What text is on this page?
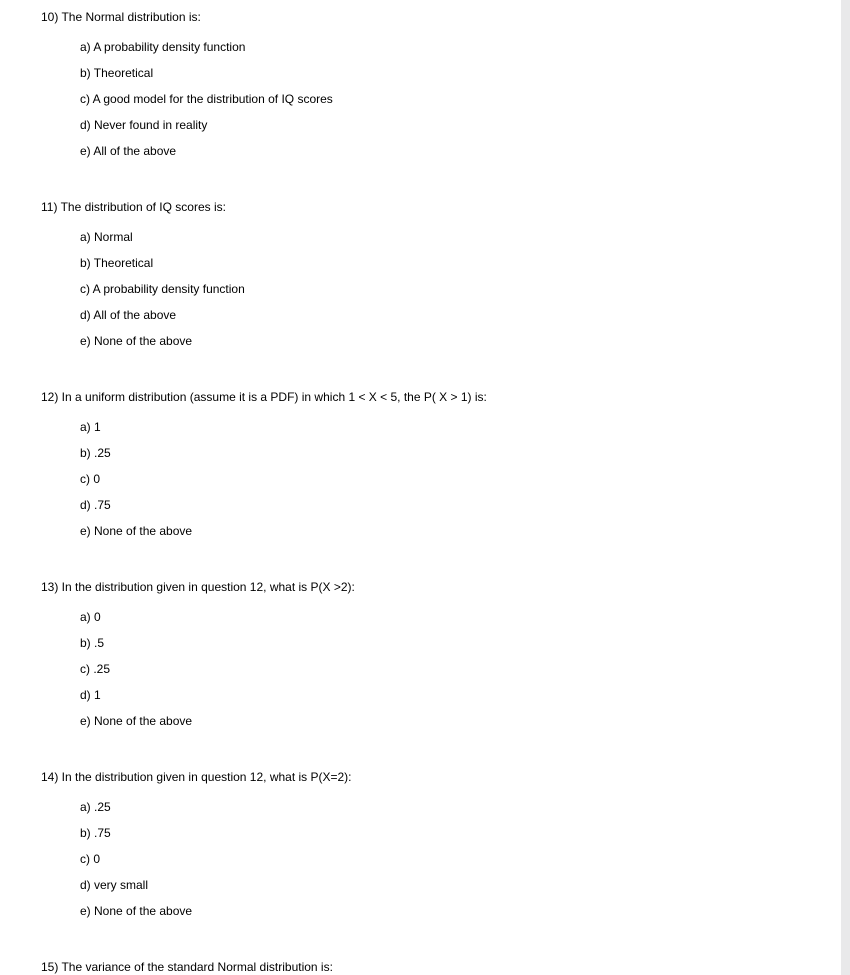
10) The Normal distribution is:

a) A probability density function
b) Theoretical
c) A good model for the distribution of IQ scores
d) Never found in reality
e) All of the above

11) The distribution of IQ scores is:

a) Normal
b) Theoretical
c) A probability density function
d) All of the above
e) None of the above

12) In a uniform distribution (assume it is a PDF) in which 1 < X < 5, the P( X > 1) is:

a) 1
b) .25
c) 0
d) .75
e) None of the above

13) In the distribution given in question 12, what is P(X >2):

a) 0
b) .5
c) .25
d) 1
e) None of the above

14) In the distribution given in question 12, what is P(X=2):

a) .25
b) .75
c) 0
d) very small
e) None of the above

15) The variance of the standard Normal distribution is:
